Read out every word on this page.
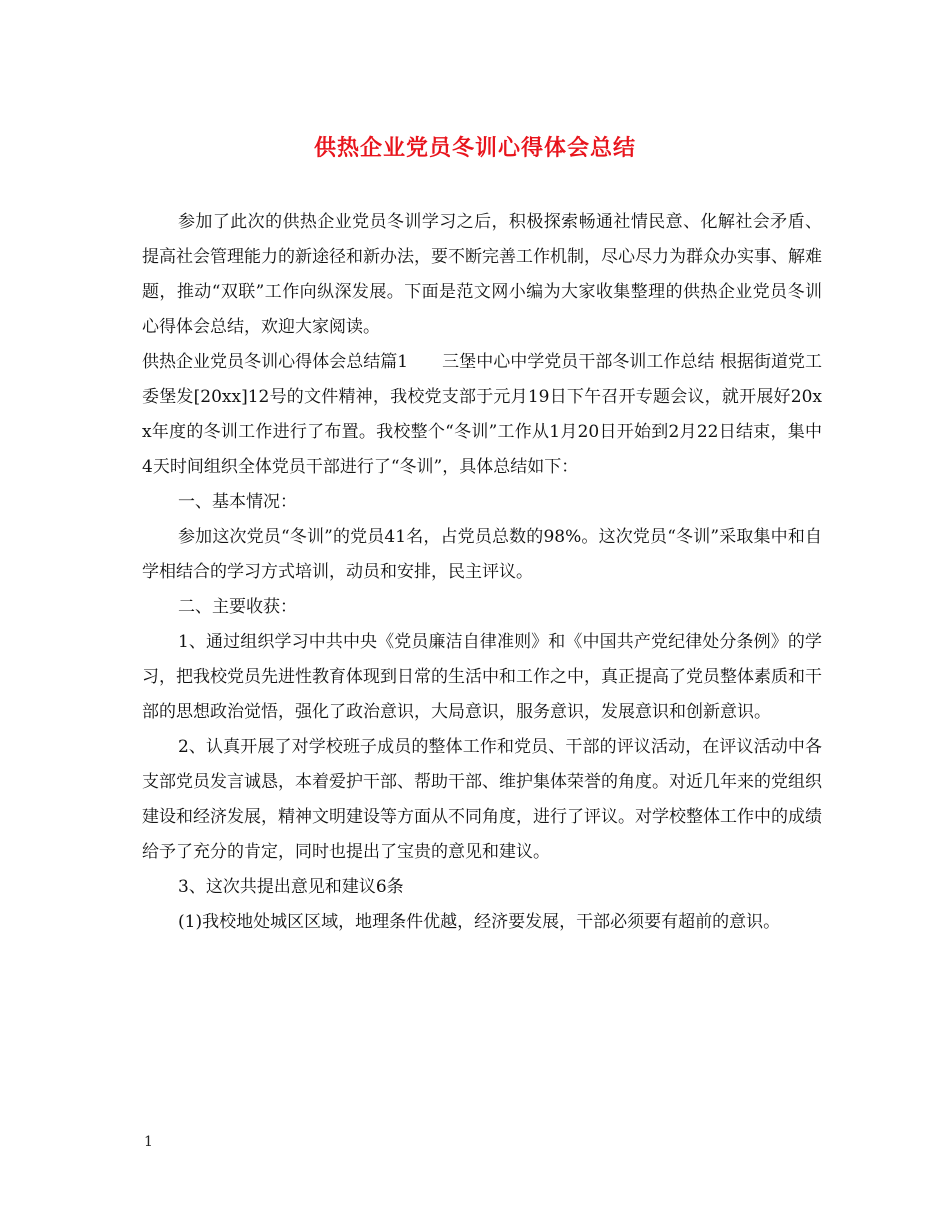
供热企业党员冬训心得体会总结

参加了此次的供热企业党员冬训学习之后，积极探索畅通社情民意、化解社会矛盾、提高社会管理能力的新途径和新办法，要不断完善工作机制，尽心尽力为群众办实事、解难题，推动“双联”工作向纵深发展。下面是范文网小编为大家收集整理的供热企业党员冬训心得体会总结，欢迎大家阅读。

供热企业党员冬训心得体会总结篇1　　三堡中心中学党员干部冬训工作总结 根据街道党工委堡发[20xx]12号的文件精神，我校党支部于元月19日下午召开专题会议，就开展好20xx年度的冬训工作进行了布置。我校整个“冬训”工作从1月20日开始到2月22日结束，集中4天时间组织全体党员干部进行了“冬训”，具体总结如下：

一、基本情况：

参加这次党员“冬训”的党员41名，占党员总数的98%。这次党员“冬训”采取集中和自学相结合的学习方式培训，动员和安排，民主评议。

二、主要收获：

1、通过组织学习中共中央《党员廉洁自律准则》和《中国共产党纪律处分条例》的学习，把我校党员先进性教育体现到日常的生活中和工作之中，真正提高了党员整体素质和干部的思想政治觉悟，强化了政治意识，大局意识，服务意识，发展意识和创新意识。

2、认真开展了对学校班子成员的整体工作和党员、干部的评议活动，在评议活动中各支部党员发言诚恳，本着爱护干部、帮助干部、维护集体荣誉的角度。对近几年来的党组织建设和经济发展，精神文明建设等方面从不同角度，进行了评议。对学校整体工作中的成绩给予了充分的肯定，同时也提出了宝贵的意见和建议。

3、这次共提出意见和建议6条

(1)我校地处城区区域，地理条件优越，经济要发展，干部必须要有超前的意识。

1
